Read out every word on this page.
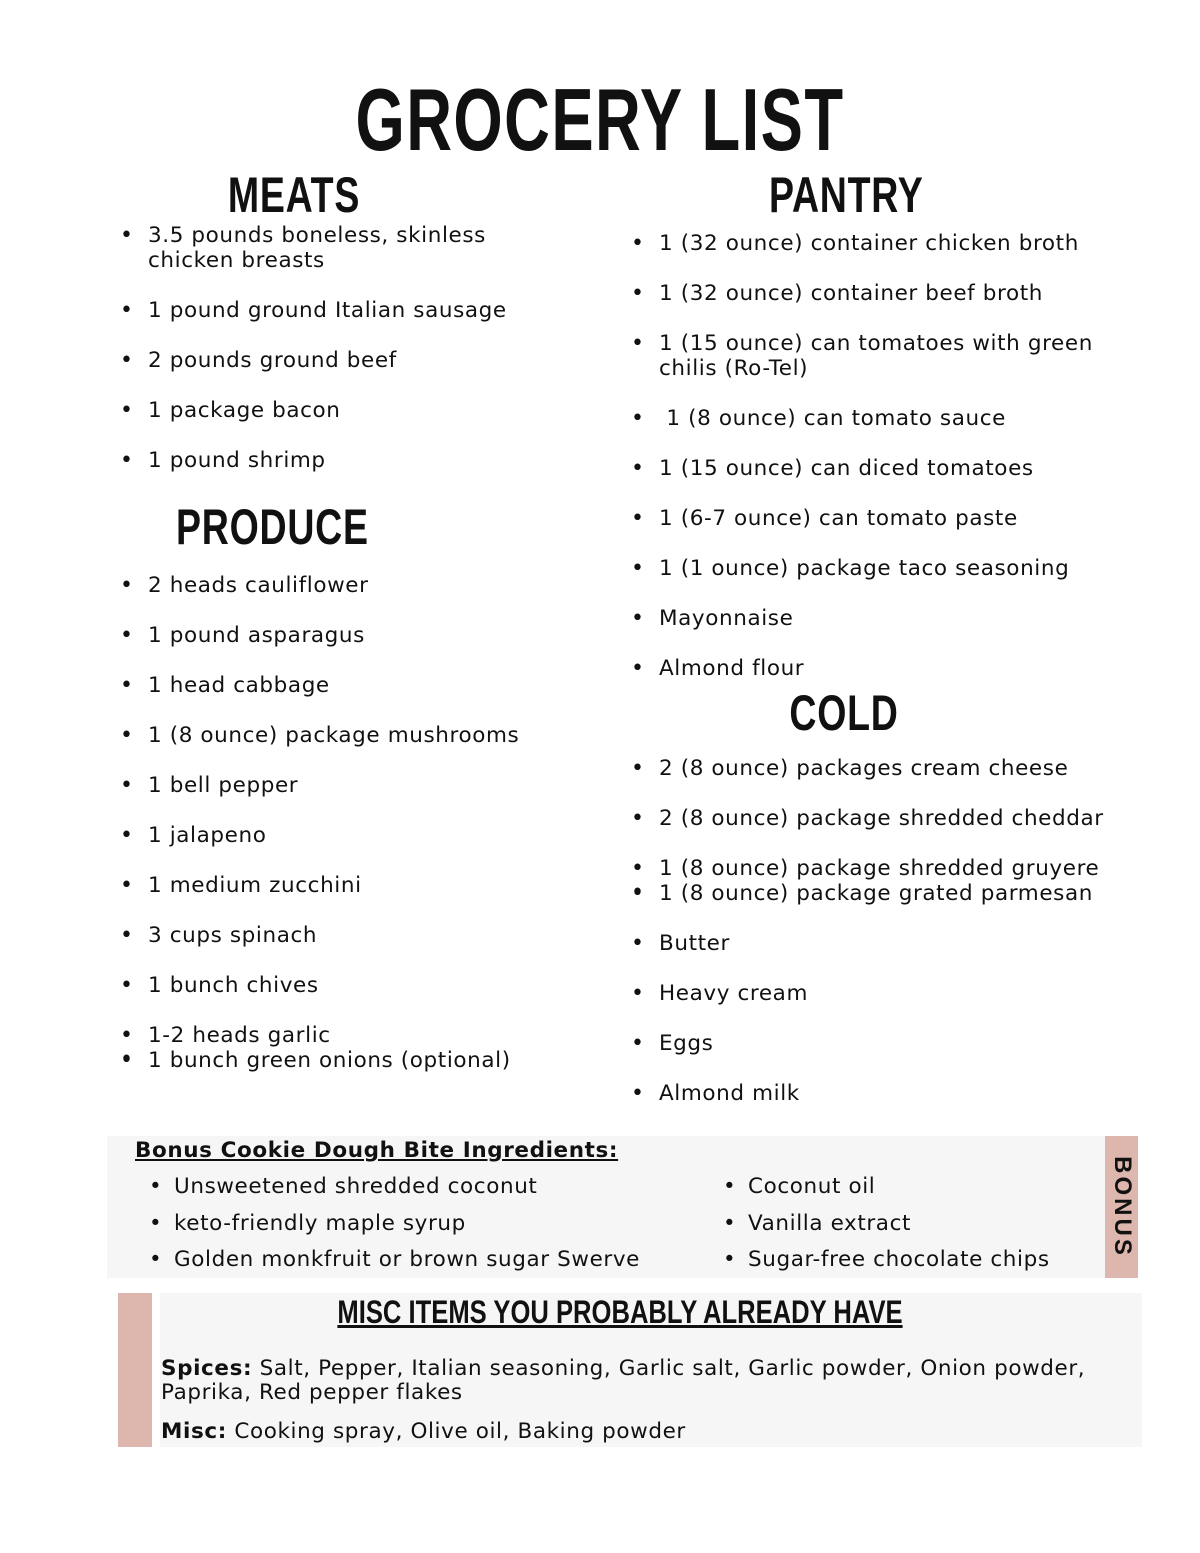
GROCERY LIST
MEATS
• 3.5 pounds boneless, skinless chicken breasts
• 1 pound ground Italian sausage
• 2 pounds ground beef
• 1 package bacon
• 1 pound shrimp
PRODUCE
• 2 heads cauliflower
• 1 pound asparagus
• 1 head cabbage
• 1 (8 ounce) package mushrooms
• 1 bell pepper
• 1 jalapeno
• 1 medium zucchini
• 3 cups spinach
• 1 bunch chives
• 1-2 heads garlic
• 1 bunch green onions (optional)
PANTRY
• 1 (32 ounce) container chicken broth
• 1 (32 ounce) container beef broth
• 1 (15 ounce) can tomatoes with green chilis (Ro-Tel)
•  1 (8 ounce) can tomato sauce
• 1 (15 ounce) can diced tomatoes
• 1 (6-7 ounce) can tomato paste
• 1 (1 ounce) package taco seasoning
• Mayonnaise
• Almond flour
COLD
• 2 (8 ounce) packages cream cheese
• 2 (8 ounce) package shredded cheddar
• 1 (8 ounce) package shredded gruyere
• 1 (8 ounce) package grated parmesan
• Butter
• Heavy cream
• Eggs
• Almond milk
BONUS
Bonus Cookie Dough Bite Ingredients:
• Unsweetened shredded coconut
• keto-friendly maple syrup
• Golden monkfruit or brown sugar Swerve
• Coconut oil
• Vanilla extract
• Sugar-free chocolate chips
MISC ITEMS YOU PROBABLY ALREADY HAVE
Spices: Salt, Pepper, Italian seasoning, Garlic salt, Garlic powder, Onion powder, Paprika, Red pepper flakes
Misc: Cooking spray, Olive oil, Baking powder
